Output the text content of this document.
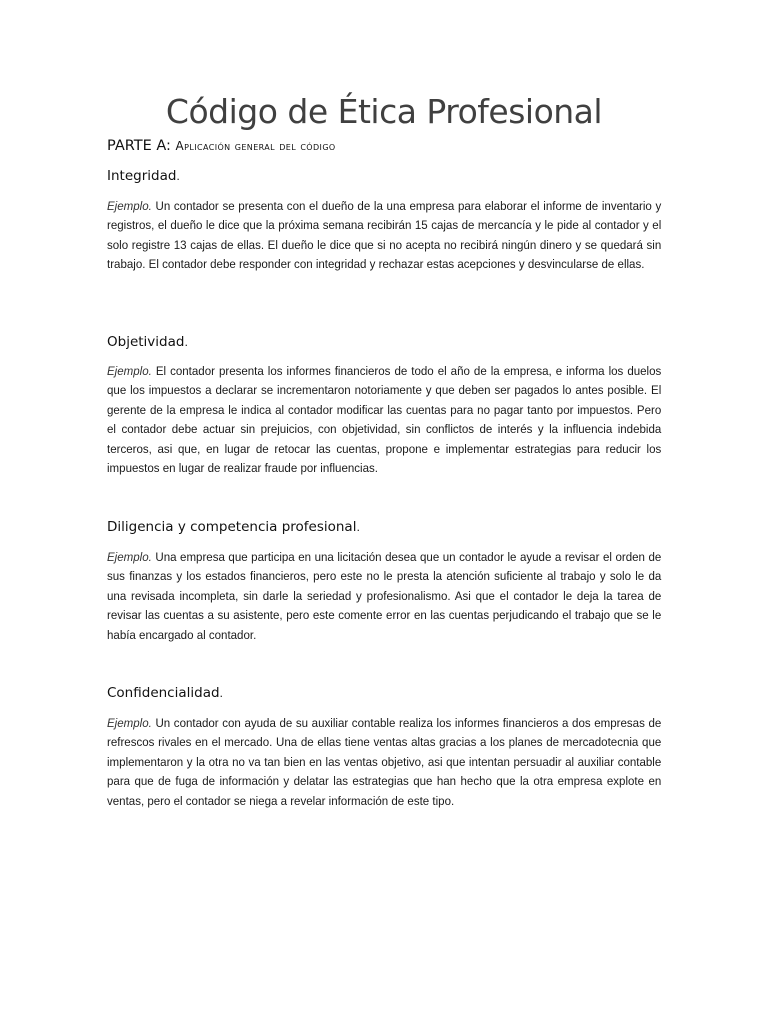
Código de Ética Profesional
PARTE A: Aplicación general del código
Integridad.
Ejemplo. Un contador se presenta con el dueño de la una empresa para elaborar el informe de inventario y registros, el dueño le dice que la próxima semana recibirán 15 cajas de mercancía y le pide al contador y el solo registre 13 cajas de ellas. El dueño le dice que si no acepta no recibirá ningún dinero y se quedará sin trabajo. El contador debe responder con integridad y rechazar estas acepciones y desvincularse de ellas.
Objetividad.
Ejemplo. El contador presenta los informes financieros de todo el año de la empresa, e informa los duelos que los impuestos a declarar se incrementaron notoriamente y que deben ser pagados lo antes posible. El gerente de la empresa le indica al contador modificar las cuentas para no pagar tanto por impuestos. Pero el contador debe actuar sin prejuicios, con objetividad, sin conflictos de interés y la influencia indebida terceros, asi que, en lugar de retocar las cuentas, propone e implementar estrategias para reducir los impuestos en lugar de realizar fraude por influencias.
Diligencia y competencia profesional.
Ejemplo. Una empresa que participa en una licitación desea que un contador le ayude a revisar el orden de sus finanzas y los estados financieros, pero este no le presta la atención suficiente al trabajo y solo le da una revisada incompleta, sin darle la seriedad y profesionalismo. Asi que el contador le deja la tarea de revisar las cuentas a su asistente, pero este comente error en las cuentas perjudicando el trabajo que se le había encargado al contador.
Confidencialidad.
Ejemplo. Un contador con ayuda de su auxiliar contable realiza los informes financieros a dos empresas de refrescos rivales en el mercado. Una de ellas tiene ventas altas gracias a los planes de mercadotecnia que implementaron y la otra no va tan bien en las ventas objetivo, asi que intentan persuadir al auxiliar contable para que de fuga de información y delatar las estrategias que han hecho que la otra empresa explote en ventas, pero el contador se niega a revelar información de este tipo.
